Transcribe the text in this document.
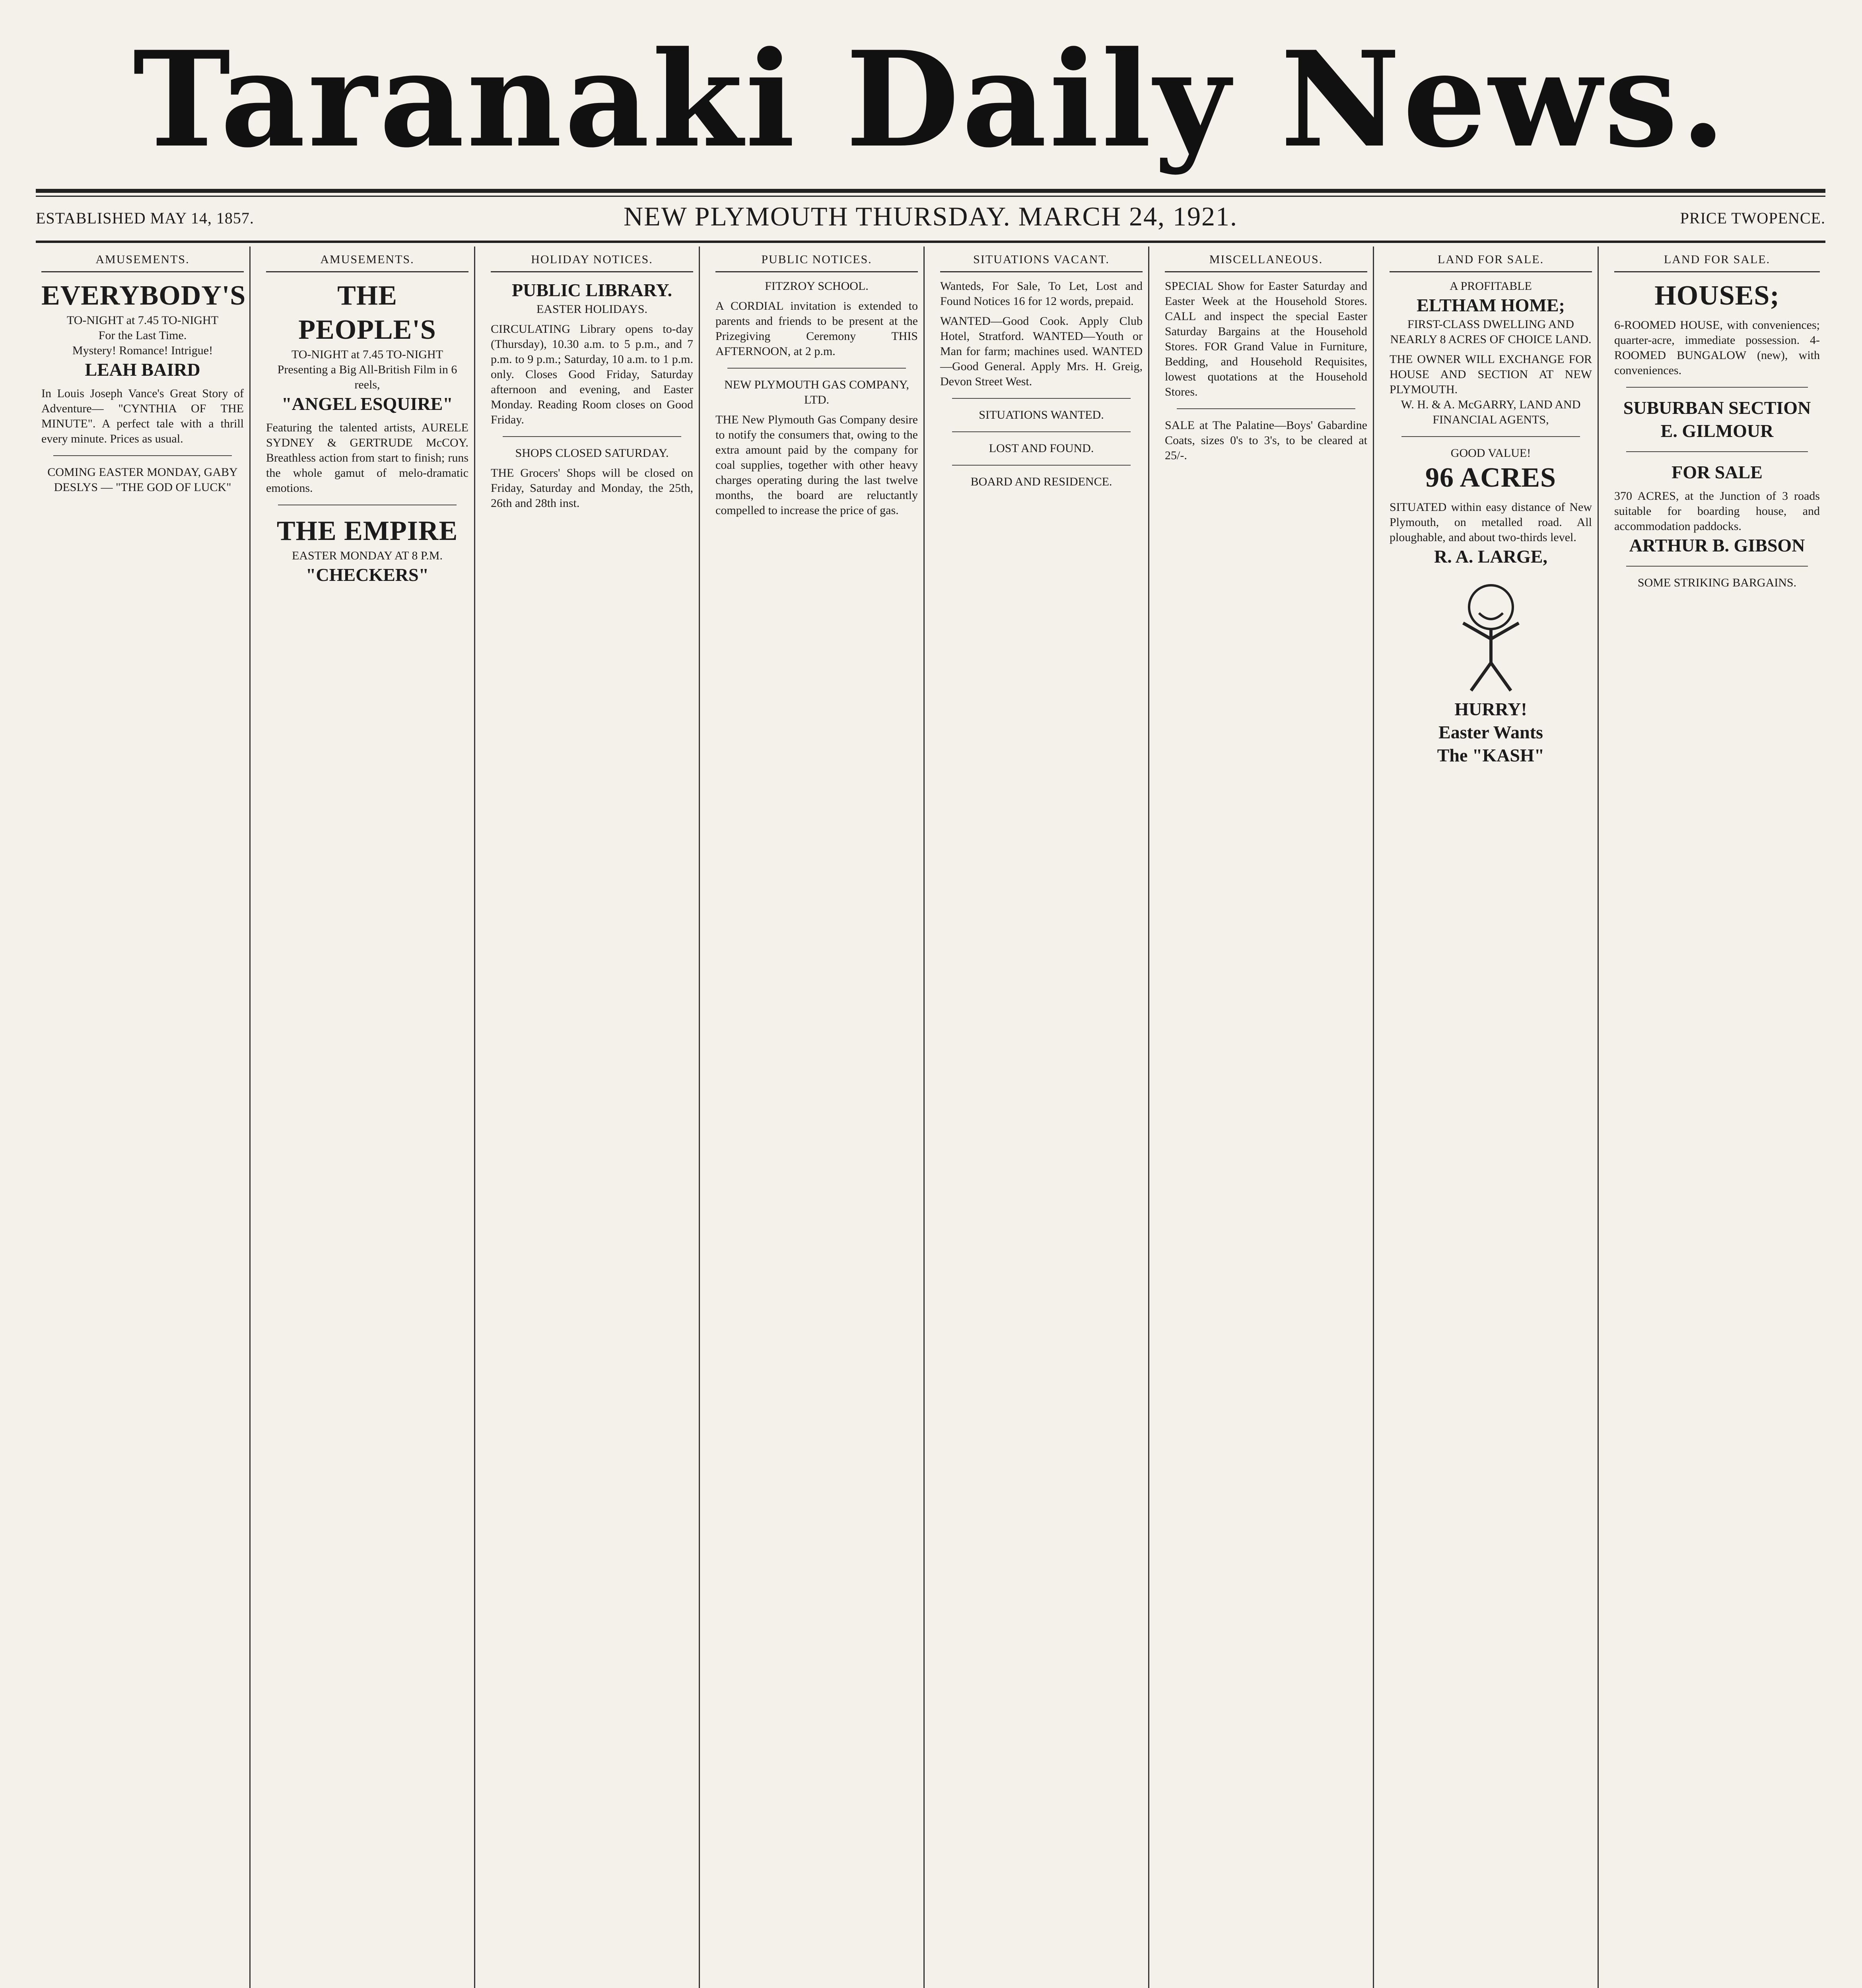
Taranaki Daily News.
ESTABLISHED MAY 14, 1857.	NEW PLYMOUTH THURSDAY. MARCH 24, 1921.	PRICE TWOPENCE.
AMUSEMENTS.
EVERYBODY'S
TO-NIGHT at 7.45 TO-NIGHT
For the Last Time.
Mystery! Romance! Intrigue!
LEAH BAIRD
In Louis Joseph Vance's Great Story of Adventure— "CYNTHIA OF THE MINUTE". A perfect tale with a thrill every minute. Prices as usual.
COMING EASTER MONDAY, GABY DESLYS — "THE GOD OF LUCK"
AMUSEMENTS.
THE PEOPLE'S
TO-NIGHT at 7.45 TO-NIGHT
Presenting a Big All-British Film in 6 reels,
"ANGEL ESQUIRE"
Featuring the talented artists, AURELE SYDNEY & GERTRUDE McCOY. Breathless action from start to finish; runs the whole gamut of melo-dramatic emotions.
THE EMPIRE
EASTER MONDAY AT 8 P.M.
"CHECKERS"
HOLIDAY NOTICES.
PUBLIC LIBRARY.
EASTER HOLIDAYS.
CIRCULATING Library opens to-day (Thursday), 10.30 a.m. to 5 p.m., and 7 p.m. to 9 p.m.; Saturday, 10 a.m. to 1 p.m. only. Closes Good Friday, Saturday afternoon and evening, and Easter Monday. Reading Room closes on Good Friday.
SHOPS CLOSED SATURDAY.
THE Grocers' Shops will be closed on Friday, Saturday and Monday, the 25th, 26th and 28th inst.
PUBLIC NOTICES.
FITZROY SCHOOL.
A CORDIAL invitation is extended to parents and friends to be present at the Prizegiving Ceremony THIS AFTERNOON, at 2 p.m.
NEW PLYMOUTH GAS COMPANY, LTD.
THE New Plymouth Gas Company desire to notify the consumers that, owing to the extra amount paid by the company for coal supplies, together with other heavy charges operating during the last twelve months, the board are reluctantly compelled to increase the price of gas.
SITUATIONS VACANT.
Wanteds, For Sale, To Let, Lost and Found Notices 16 for 12 words, prepaid.
WANTED—Good Cook. Apply Club Hotel, Stratford. WANTED—Youth or Man for farm; machines used. WANTED—Good General. Apply Mrs. H. Greig, Devon Street West.
SITUATIONS WANTED.
LOST AND FOUND.
BOARD AND RESIDENCE.
MISCELLANEOUS.
SPECIAL Show for Easter Saturday and Easter Week at the Household Stores. CALL and inspect the special Easter Saturday Bargains at the Household Stores. FOR Grand Value in Furniture, Bedding, and Household Requisites, lowest quotations at the Household Stores.
SALE at The Palatine—Boys' Gabardine Coats, sizes 0's to 3's, to be cleared at 25/-.
LAND FOR SALE.
A PROFITABLE
ELTHAM HOME;
FIRST-CLASS DWELLING AND NEARLY 8 ACRES OF CHOICE LAND.
THE OWNER WILL EXCHANGE FOR HOUSE AND SECTION AT NEW PLYMOUTH.
W. H. & A. McGARRY, LAND AND FINANCIAL AGENTS,
GOOD VALUE!
96 ACRES
SITUATED within easy distance of New Plymouth, on metalled road. All ploughable, and about two-thirds level.
R. A. LARGE,
HURRY!
Easter Wants
The "KASH"
LAND FOR SALE.
HOUSES;
6-ROOMED HOUSE, with conveniences; quarter-acre, immediate possession. 4-ROOMED BUNGALOW (new), with conveniences.
SUBURBAN SECTION
E. GILMOUR
FOR SALE
370 ACRES, at the Junction of 3 roads suitable for boarding house, and accommodation paddocks.
ARTHUR B. GIBSON
SOME STRIKING BARGAINS.
